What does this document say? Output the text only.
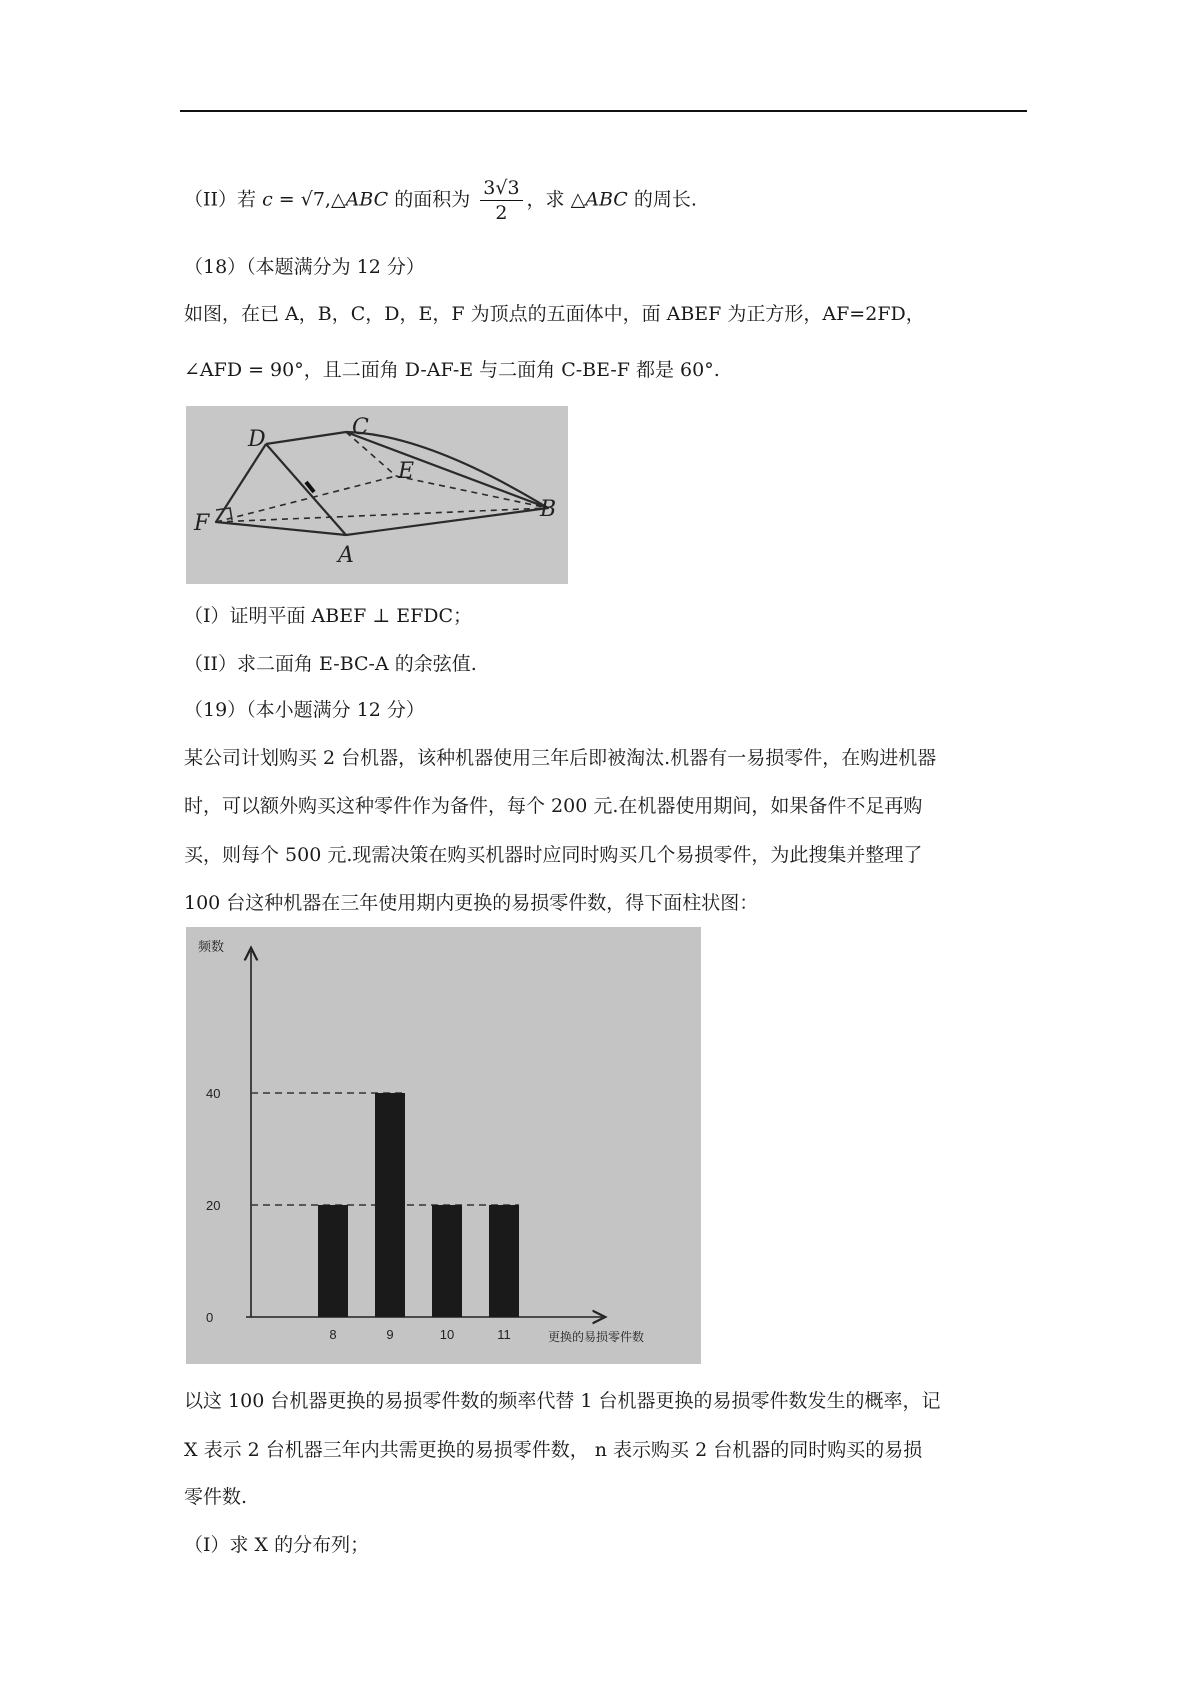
（II）若 c = √7,△ABC 的面积为 $\frac{3√3}{2}$ ，求 △ABC 的周长.
（18）（本题满分为 12 分）
如图，在已 A，B，C，D，E，F 为顶点的五面体中，面 ABEF 为正方形，AF=2FD，
∠AFD = 90°，且二面角 D-AF-E 与二面角 C-BE-F 都是 60°.
D	C
E
F
A
B
（I）证明平面 ABEF ⊥ EFDC；
（II）求二面角 E-BC-A 的余弦值.
（19）（本小题满分 12 分）
某公司计划购买 2 台机器，该种机器使用三年后即被淘汰.机器有一易损零件，在购进机器
时，可以额外购买这种零件作为备件，每个 200 元.在机器使用期间，如果备件不足再购
买，则每个 500 元.现需决策在购买机器时应同时购买几个易损零件，为此搜集并整理了
100 台这种机器在三年使用期内更换的易损零件数，得下面柱状图：
频数
更换的易损零件数
0
20
40
8	9	10	11
以这 100 台机器更换的易损零件数的频率代替 1 台机器更换的易损零件数发生的概率，记
X 表示 2 台机器三年内共需更换的易损零件数， n 表示购买 2 台机器的同时购买的易损
零件数.
（I）求 X 的分布列；
